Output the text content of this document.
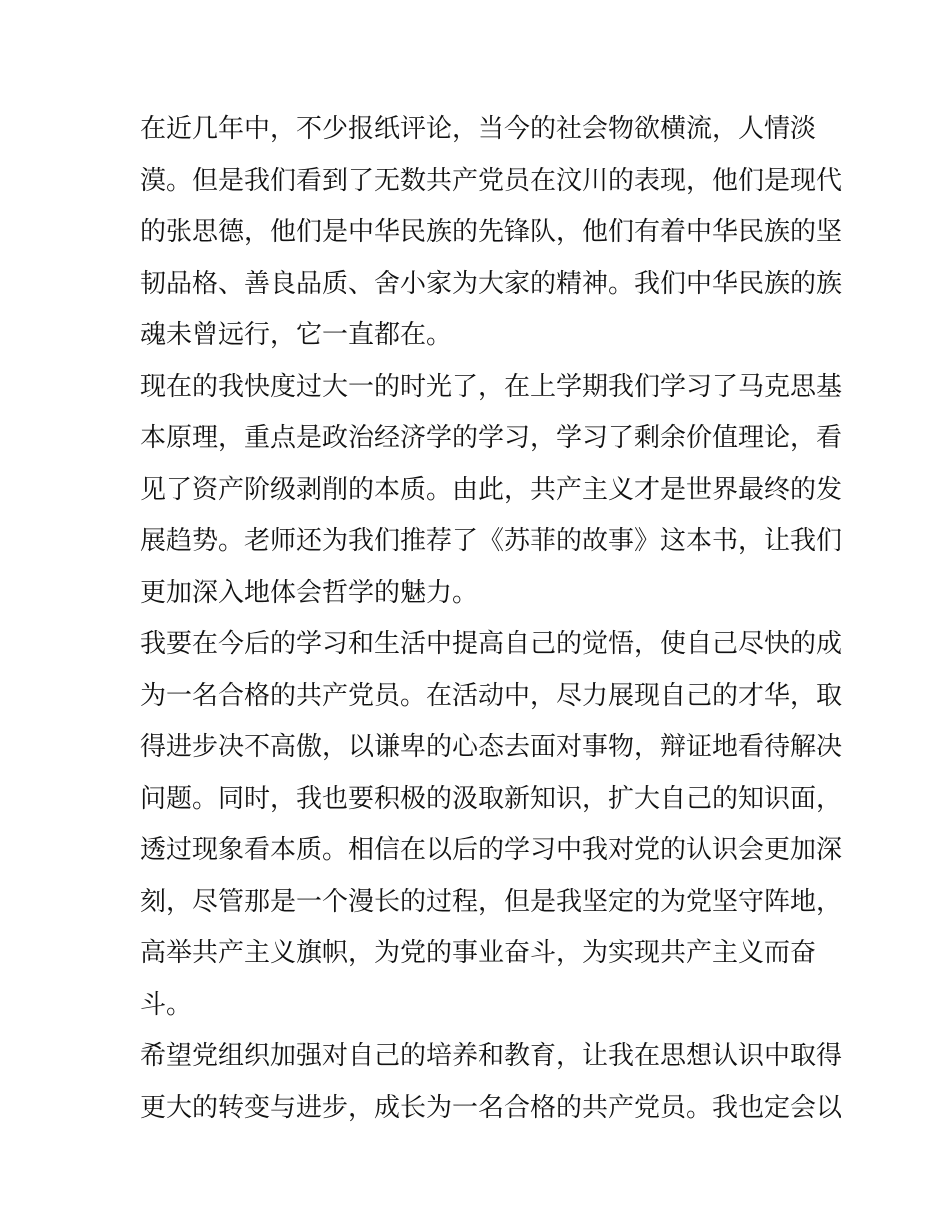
在近几年中，不少报纸评论，当今的社会物欲横流，人情淡
漠。但是我们看到了无数共产党员在汶川的表现，他们是现代
的张思德，他们是中华民族的先锋队，他们有着中华民族的坚
韧品格、善良品质、舍小家为大家的精神。我们中华民族的族
魂未曾远行，它一直都在。
现在的我快度过大一的时光了，在上学期我们学习了马克思基
本原理，重点是政治经济学的学习，学习了剩余价值理论，看
见了资产阶级剥削的本质。由此，共产主义才是世界最终的发
展趋势。老师还为我们推荐了《苏菲的故事》这本书，让我们
更加深入地体会哲学的魅力。
我要在今后的学习和生活中提高自己的觉悟，使自己尽快的成
为一名合格的共产党员。在活动中，尽力展现自己的才华，取
得进步决不高傲，以谦卑的心态去面对事物，辩证地看待解决
问题。同时，我也要积极的汲取新知识，扩大自己的知识面，
透过现象看本质。相信在以后的学习中我对党的认识会更加深
刻，尽管那是一个漫长的过程，但是我坚定的为党坚守阵地，
高举共产主义旗帜，为党的事业奋斗，为实现共产主义而奋
斗。
希望党组织加强对自己的培养和教育，让我在思想认识中取得
更大的转变与进步，成长为一名合格的共产党员。我也定会以
